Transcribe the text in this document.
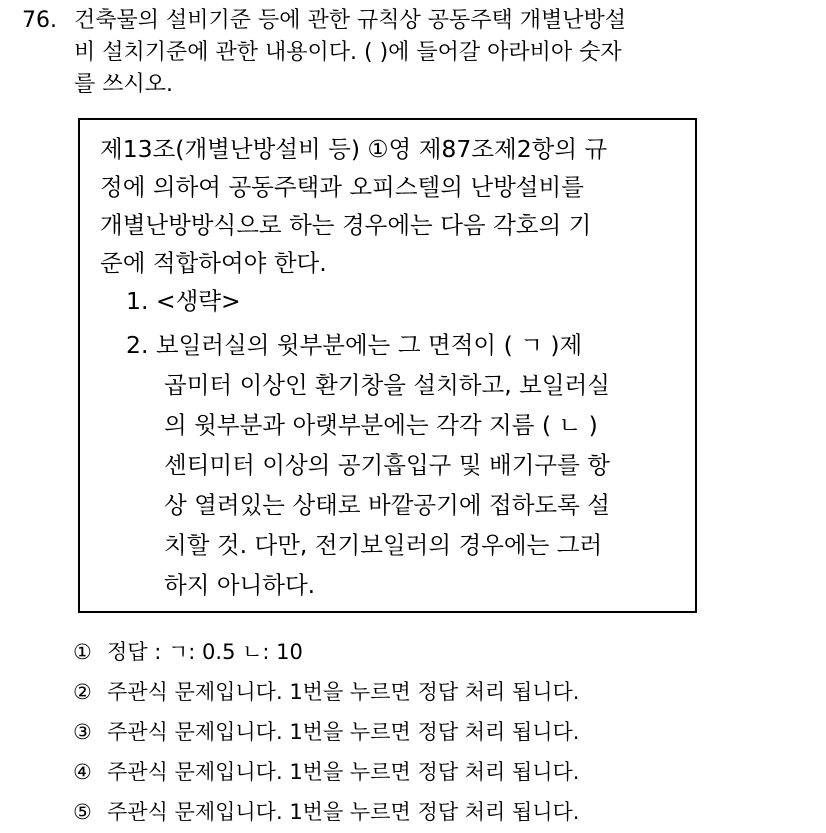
76. 건축물의 설비기준 등에 관한 규칙상 공동주택 개별난방설
비 설치기준에 관한 내용이다. ( )에 들어갈 아라비아 숫자
를 쓰시오.
제13조(개별난방설비 등) ①영 제87조제2항의 규
정에 의하여 공동주택과 오피스텔의 난방설비를
개별난방방식으로 하는 경우에는 다음 각호의 기
준에 적합하여야 한다.
1. <생략>
2. 보일러실의 윗부분에는 그 면적이 ( ㄱ )제
곱미터 이상인 환기창을 설치하고, 보일러실
의 윗부분과 아랫부분에는 각각 지름 ( ㄴ )
센티미터 이상의 공기흡입구 및 배기구를 항
상 열려있는 상태로 바깥공기에 접하도록 설
치할 것. 다만, 전기보일러의 경우에는 그러
하지 아니하다.
① 정답 : ㄱ: 0.5 ㄴ: 10
② 주관식 문제입니다. 1번을 누르면 정답 처리 됩니다.
③ 주관식 문제입니다. 1번을 누르면 정답 처리 됩니다.
④ 주관식 문제입니다. 1번을 누르면 정답 처리 됩니다.
⑤ 주관식 문제입니다. 1번을 누르면 정답 처리 됩니다.
